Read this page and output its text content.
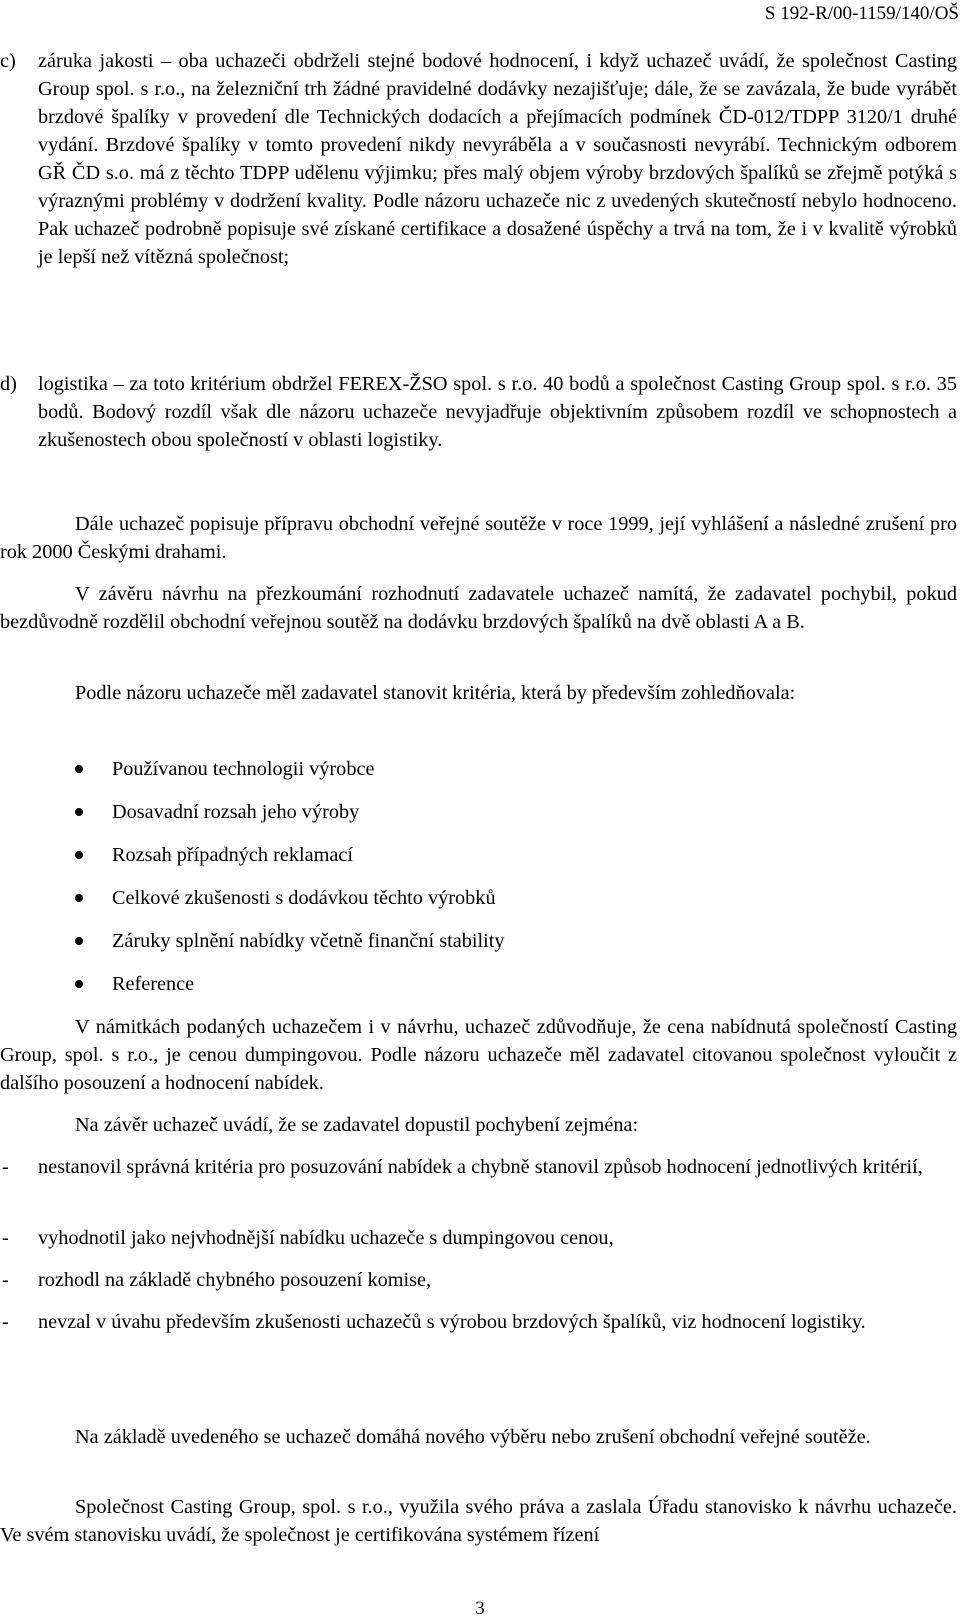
S 192-R/00-1159/140/OŠ
c) záruka jakosti – oba uchazeči obdrželi stejné bodové hodnocení, i když uchazeč uvádí, že společnost Casting Group spol. s r.o., na železniční trh žádné pravidelné dodávky nezajišťuje; dále, že se zavázala, že bude vyrábět brzdové špalíky v provedení dle Technických dodacích a přejímacích podmínek ČD-012/TDPP 3120/1 druhé vydání. Brzdové špalíky v tomto provedení nikdy nevyráběla a v současnosti nevyrábí. Technickým odborem GŘ ČD s.o. má z těchto TDPP udělenu výjimku; přes malý objem výroby brzdových špalíků se zřejmě potýká s výraznými problémy v dodržení kvality. Podle názoru uchazeče nic z uvedených skutečností nebylo hodnoceno. Pak uchazeč podrobně popisuje své získané certifikace a dosažené úspěchy a trvá na tom, že i v kvalitě výrobků je lepší než vítězná společnost;
d) logistika – za toto kritérium obdržel FEREX-ŽSO spol. s r.o. 40 bodů a společnost Casting Group spol. s r.o. 35 bodů. Bodový rozdíl však dle názoru uchazeče nevyjadřuje objektivním způsobem rozdíl ve schopnostech a zkušenostech obou společností v oblasti logistiky.
Dále uchazeč popisuje přípravu obchodní veřejné soutěže v roce 1999, její vyhlášení a následné zrušení pro rok 2000 Českými drahami.
V závěru návrhu na přezkoumání rozhodnutí zadavatele uchazeč namítá, že zadavatel pochybil, pokud bezdůvodně rozdělil obchodní veřejnou soutěž na dodávku brzdových špalíků na dvě oblasti A a B.
Podle názoru uchazeče měl zadavatel stanovit kritéria, která by především zohledňovala:
Používanou technologii výrobce
Dosavadní rozsah jeho výroby
Rozsah případných reklamací
Celkové zkušenosti s dodávkou těchto výrobků
Záruky splnění nabídky včetně finanční stability
Reference
V námitkách podaných uchazečem i v návrhu, uchazeč zdůvodňuje, že cena nabídnutá společností Casting Group, spol. s r.o., je cenou dumpingovou. Podle názoru uchazeče měl zadavatel citovanou společnost vyloučit z dalšího posouzení a hodnocení nabídek.
Na závěr uchazeč uvádí, že se zadavatel dopustil pochybení zejména:
- nestanovil správná kritéria pro posuzování nabídek a chybně stanovil způsob hodnocení jednotlivých kritérií,
- vyhodnotil jako nejvhodnější nabídku uchazeče s dumpingovou cenou,
- rozhodl na základě chybného posouzení komise,
- nevzal v úvahu především zkušenosti uchazečů s výrobou brzdových špalíků, viz hodnocení logistiky.
Na základě uvedeného se uchazeč domáhá nového výběru nebo zrušení obchodní veřejné soutěže.
Společnost Casting Group, spol. s r.o., využila svého práva a zaslala Úřadu stanovisko k návrhu uchazeče. Ve svém stanovisku uvádí, že společnost je certifikována systémem řízení
3
